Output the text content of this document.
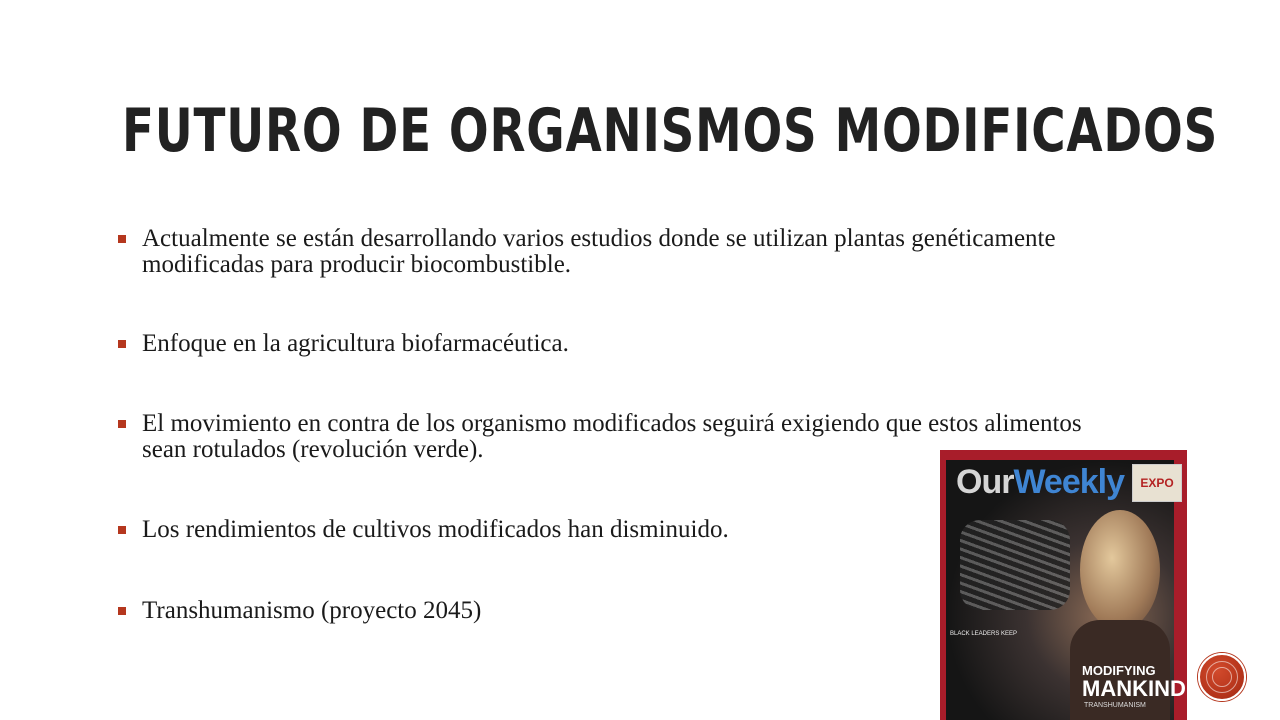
FUTURO DE ORGANISMOS MODIFICADOS
Actualmente se están desarrollando varios estudios donde se utilizan plantas genéticamente modificadas para producir biocombustible.
Enfoque en la agricultura biofarmacéutica.
El movimiento en contra de los organismo modificados seguirá exigiendo que estos alimentos sean rotulados (revolución verde).
Los rendimientos de cultivos modificados han disminuido.
Transhumanismo (proyecto 2045)
OurWeekly	EXPO
BLACK LEADERS KEEP
MODIFYING
MANKIND
TRANSHUMANISM
